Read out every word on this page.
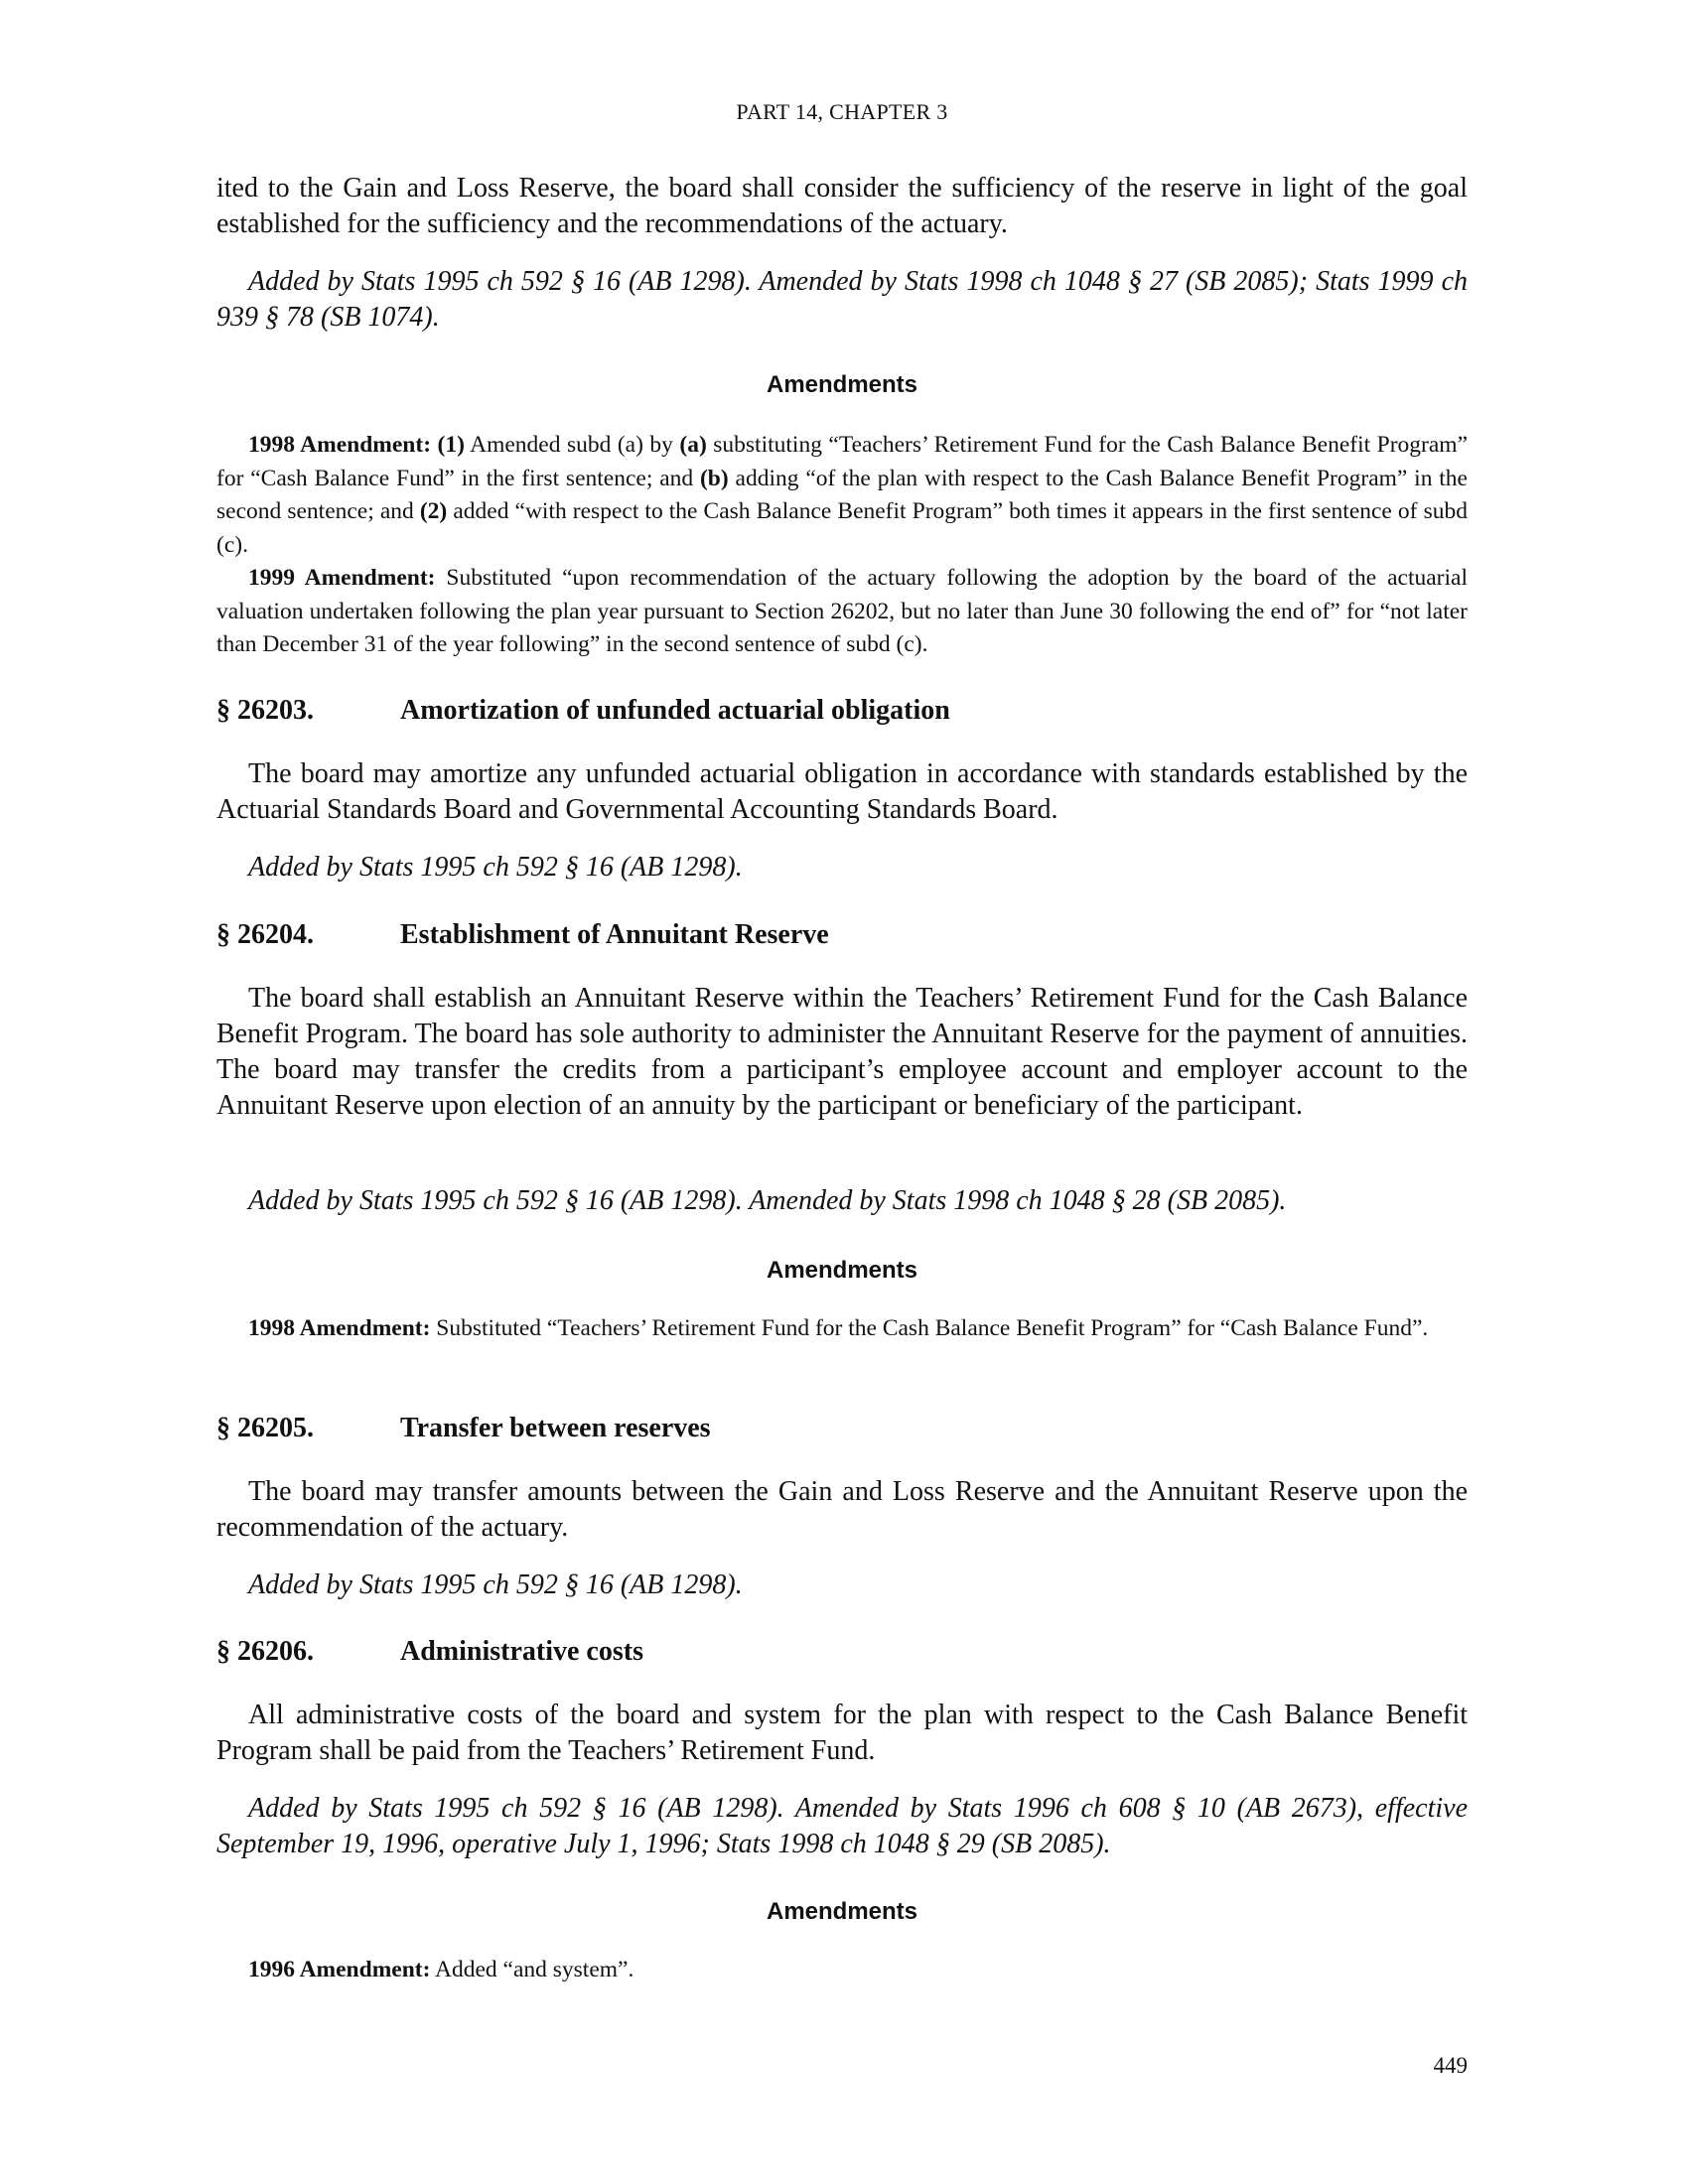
PART 14, CHAPTER 3

ited to the Gain and Loss Reserve, the board shall consider the sufficiency of the reserve in light of the goal established for the sufficiency and the recommendations of the actuary.

Added by Stats 1995 ch 592 § 16 (AB 1298). Amended by Stats 1998 ch 1048 § 27 (SB 2085); Stats 1999 ch 939 § 78 (SB 1074).

Amendments

1998 Amendment: (1) Amended subd (a) by (a) substituting “Teachers’ Retirement Fund for the Cash Balance Benefit Program” for “Cash Balance Fund” in the first sentence; and (b) adding “of the plan with respect to the Cash Balance Benefit Program” in the second sentence; and (2) added “with respect to the Cash Balance Benefit Program” both times it appears in the first sentence of subd (c).

1999 Amendment: Substituted “upon recommendation of the actuary following the adoption by the board of the actuarial valuation undertaken following the plan year pursuant to Section 26202, but no later than June 30 following the end of” for “not later than December 31 of the year following” in the second sentence of subd (c).

§ 26203.	Amortization of unfunded actuarial obligation

The board may amortize any unfunded actuarial obligation in accordance with standards established by the Actuarial Standards Board and Governmental Accounting Standards Board.

Added by Stats 1995 ch 592 § 16 (AB 1298).

§ 26204.	Establishment of Annuitant Reserve

The board shall establish an Annuitant Reserve within the Teachers’ Retirement Fund for the Cash Balance Benefit Program. The board has sole authority to administer the Annuitant Reserve for the payment of annuities. The board may transfer the credits from a participant’s employee account and employer account to the Annuitant Reserve upon election of an annuity by the participant or beneficiary of the participant.

Added by Stats 1995 ch 592 § 16 (AB 1298). Amended by Stats 1998 ch 1048 § 28 (SB 2085).

Amendments

1998 Amendment: Substituted “Teachers’ Retirement Fund for the Cash Balance Benefit Program” for “Cash Balance Fund”.

§ 26205.	Transfer between reserves

The board may transfer amounts between the Gain and Loss Reserve and the Annuitant Reserve upon the recommendation of the actuary.

Added by Stats 1995 ch 592 § 16 (AB 1298).

§ 26206.	Administrative costs

All administrative costs of the board and system for the plan with respect to the Cash Balance Benefit Program shall be paid from the Teachers’ Retirement Fund.

Added by Stats 1995 ch 592 § 16 (AB 1298). Amended by Stats 1996 ch 608 § 10 (AB 2673), effective September 19, 1996, operative July 1, 1996; Stats 1998 ch 1048 § 29 (SB 2085).

Amendments

1996 Amendment: Added “and system”.

449
